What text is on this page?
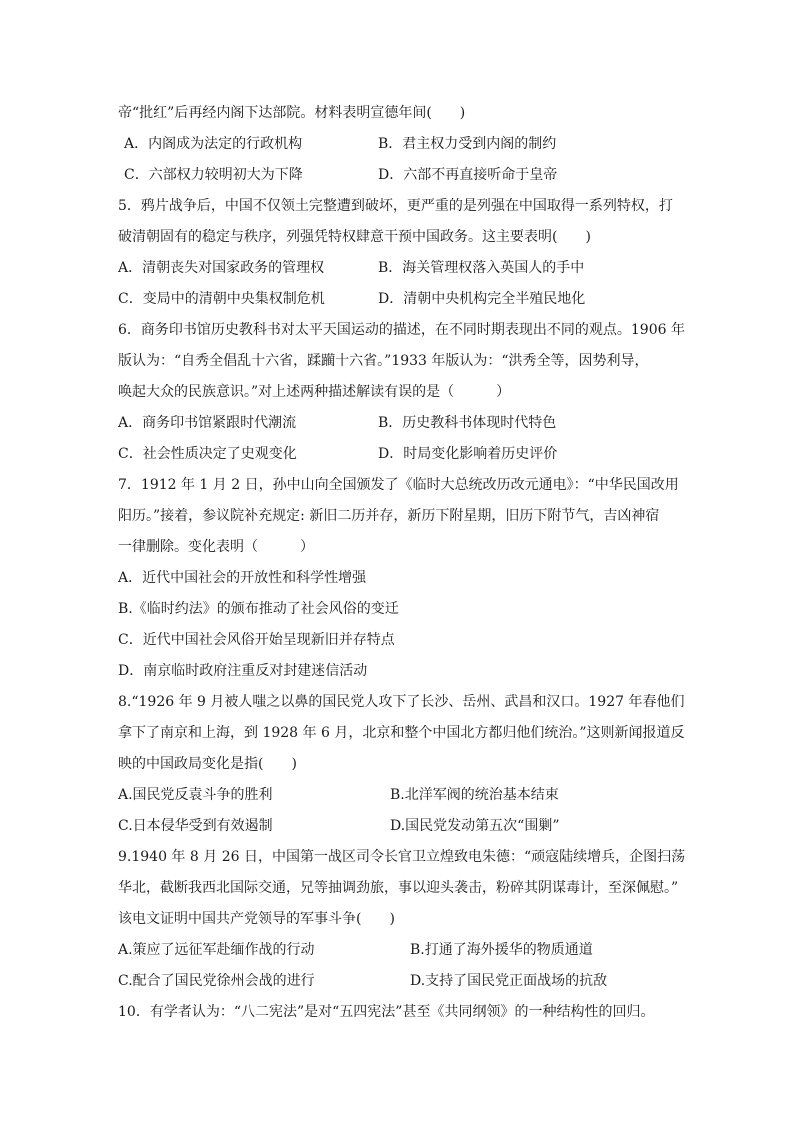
帝“批红”后再经内阁下达部院。材料表明宣德年间(　　)
A．内阁成为法定的行政机构	B．君主权力受到内阁的制约
C．六部权力较明初大为下降	D．六部不再直接听命于皇帝
5．鸦片战争后，中国不仅领土完整遭到破坏，更严重的是列强在中国取得一系列特权，打
破清朝固有的稳定与秩序，列强凭特权肆意干预中国政务。这主要表明(　　)
A．清朝丧失对国家政务的管理权	B．海关管理权落入英国人的手中
C．变局中的清朝中央集权制危机	D．清朝中央机构完全半殖民地化
6．商务印书馆历史教科书对太平天国运动的描述，在不同时期表现出不同的观点。1906 年
版认为：“自秀全倡乱十六省，蹂躏十六省。”1933 年版认为：“洪秀全等，因势利导，
唤起大众的民族意识。”对上述两种描述解读有误的是（　　　）
A．商务印书馆紧跟时代潮流	B．历史教科书体现时代特色
C．社会性质决定了史观变化	D．时局变化影响着历史评价
7．1912 年 1 月 2 日，孙中山向全国颁发了《临时大总统改历改元通电》：“中华民国改用
阳历。”接着，参议院补充规定: 新旧二历并存，新历下附星期，旧历下附节气，吉凶神宿
一律删除。变化表明（　　　）
A．近代中国社会的开放性和科学性增强
B.《临时约法》的颁布推动了社会风俗的变迁
C．近代中国社会风俗开始呈现新旧并存特点
D．南京临时政府注重反对封建迷信活动
8.“1926 年 9 月被人嗤之以鼻的国民党人攻下了长沙、岳州、武昌和汉口。1927 年春他们
拿下了南京和上海，到 1928 年 6 月，北京和整个中国北方都归他们统治。”这则新闻报道反
映的中国政局变化是指(　　)
A.国民党反袁斗争的胜利	B.北洋军阀的统治基本结束
C.日本侵华受到有效遏制	D.国民党发动第五次“围剿”
9.1940 年 8 月 26 日，中国第一战区司令长官卫立煌致电朱德：“顽寇陆续增兵，企图扫荡
华北，截断我西北国际交通，兄等抽调劲旅，事以迎头袭击，粉碎其阴谋毒计，至深佩慰。”
该电文证明中国共产党领导的军事斗争(　　)
A.策应了远征军赴缅作战的行动	B.打通了海外援华的物质通道
C.配合了国民党徐州会战的进行	D.支持了国民党正面战场的抗敌
10．有学者认为：“八二宪法”是对“五四宪法”甚至《共同纲领》的一种结构性的回归。
